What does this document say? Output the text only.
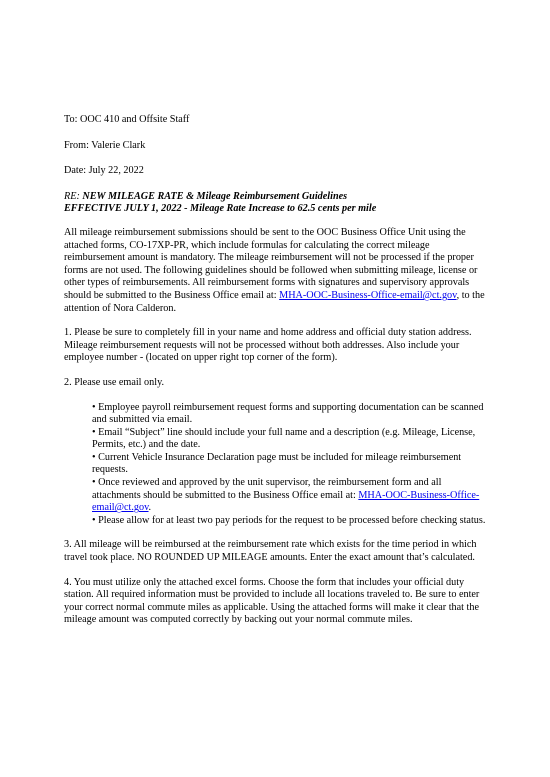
To: OOC 410 and Offsite Staff

From: Valerie Clark

Date: July 22, 2022

RE: NEW MILEAGE RATE & Mileage Reimbursement Guidelines

EFFECTIVE JULY 1, 2022 - Mileage Rate Increase to 62.5 cents per mile

All mileage reimbursement submissions should be sent to the OOC Business Office Unit using the attached forms, CO-17XP-PR, which include formulas for calculating the correct mileage reimbursement amount is mandatory. The mileage reimbursement will not be processed if the proper forms are not used. The following guidelines should be followed when submitting mileage, license or other types of reimbursements. All reimbursement forms with signatures and supervisory approvals should be submitted to the Business Office email at: MHA-OOC-Business-Office-email@ct.gov, to the attention of Nora Calderon.

1. Please be sure to completely fill in your name and home address and official duty station address. Mileage reimbursement requests will not be processed without both addresses. Also include your employee number - (located on upper right top corner of the form).

2. Please use email only.

• Employee payroll reimbursement request forms and supporting documentation can be scanned and submitted via email.
• Email “Subject” line should include your full name and a description (e.g. Mileage, License, Permits, etc.) and the date.
• Current Vehicle Insurance Declaration page must be included for mileage reimbursement requests.
• Once reviewed and approved by the unit supervisor, the reimbursement form and all attachments should be submitted to the Business Office email at: MHA-OOC-Business-Office-email@ct.gov.
• Please allow for at least two pay periods for the request to be processed before checking status.

3. All mileage will be reimbursed at the reimbursement rate which exists for the time period in which travel took place. NO ROUNDED UP MILEAGE amounts. Enter the exact amount that’s calculated.

4. You must utilize only the attached excel forms. Choose the form that includes your official duty station. All required information must be provided to include all locations traveled to. Be sure to enter your correct normal commute miles as applicable. Using the attached forms will make it clear that the mileage amount was computed correctly by backing out your normal commute miles.
